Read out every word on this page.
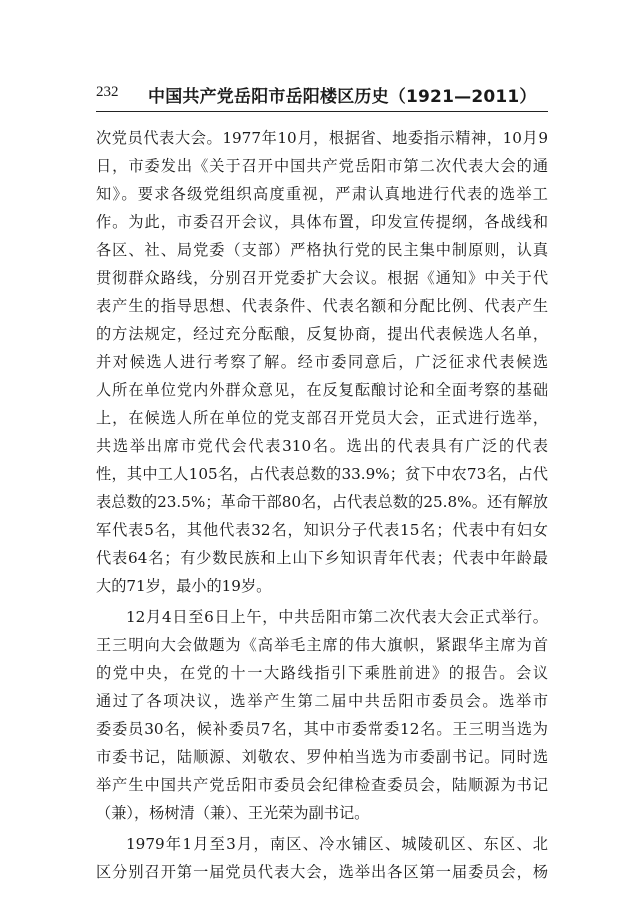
232 中国共产党岳阳市岳阳楼区历史（1921—2011）
次党员代表大会。1977年10月，根据省、地委指示精神，10月9
日，市委发出《关于召开中国共产党岳阳市第二次代表大会的通
知》。要求各级党组织高度重视，严肃认真地进行代表的选举工
作。为此，市委召开会议，具体布置，印发宣传提纲，各战线和
各区、社、局党委（支部）严格执行党的民主集中制原则，认真
贯彻群众路线，分别召开党委扩大会议。根据《通知》中关于代
表产生的指导思想、代表条件、代表名额和分配比例、代表产生
的方法规定，经过充分酝酿，反复协商，提出代表候选人名单，
并对候选人进行考察了解。经市委同意后，广泛征求代表候选
人所在单位党内外群众意见，在反复酝酿讨论和全面考察的基础
上，在候选人所在单位的党支部召开党员大会，正式进行选举，
共选举出席市党代会代表310名。选出的代表具有广泛的代表
性，其中工人105名，占代表总数的33.9%；贫下中农73名，占代
表总数的23.5%；革命干部80名，占代表总数的25.8%。还有解放
军代表5名，其他代表32名，知识分子代表15名；代表中有妇女
代表64名；有少数民族和上山下乡知识青年代表；代表中年龄最
大的71岁，最小的19岁。
12月4日至6日上午，中共岳阳市第二次代表大会正式举行。
王三明向大会做题为《高举毛主席的伟大旗帜，紧跟华主席为首
的党中央，在党的十一大路线指引下乘胜前进》的报告。会议
通过了各项决议，选举产生第二届中共岳阳市委员会。选举市
委委员30名，候补委员7名，其中市委常委12名。王三明当选为
市委书记，陆顺源、刘敬农、罗仲柏当选为市委副书记。同时选
举产生中国共产党岳阳市委员会纪律检查委员会，陆顺源为书记
（兼），杨树清（兼）、王光荣为副书记。
1979年1月至3月，南区、冷水铺区、城陵矶区、东区、北
区分别召开第一届党员代表大会，选举出各区第一届委员会，杨
